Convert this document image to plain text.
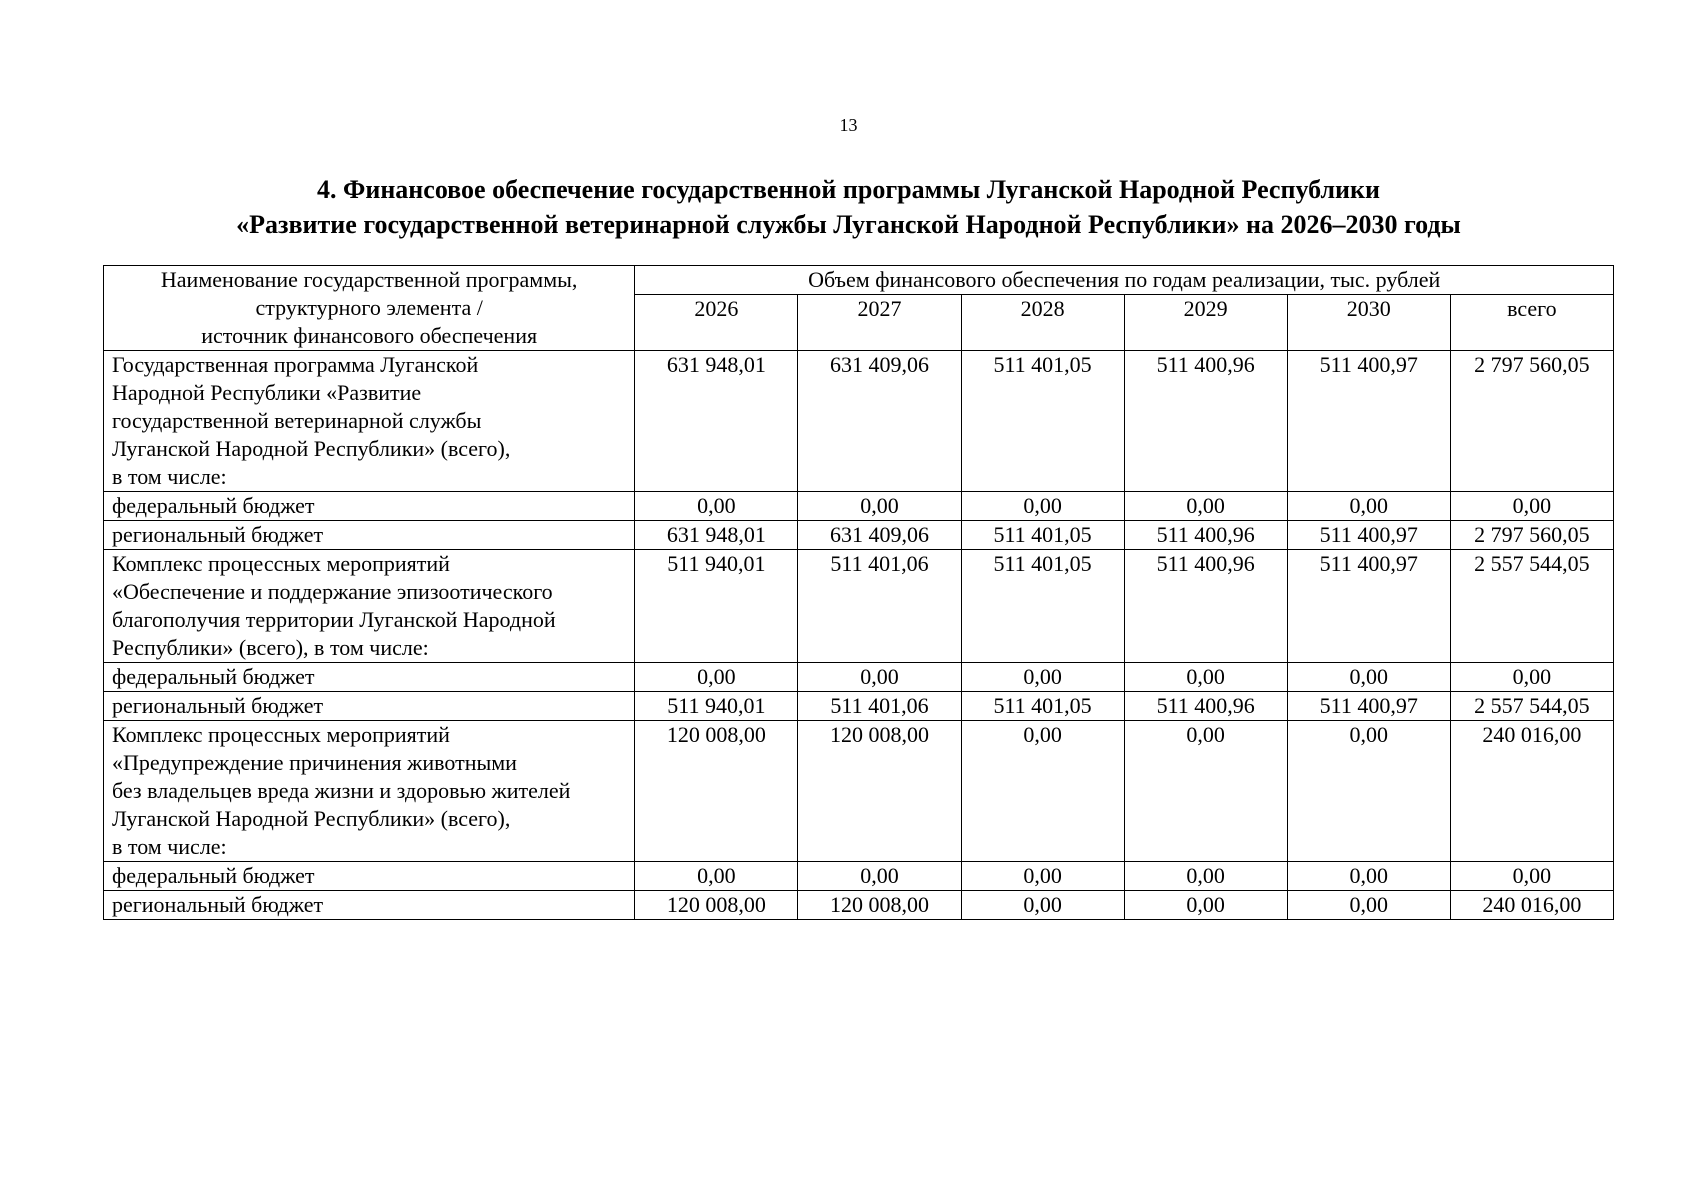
13
4. Финансовое обеспечение государственной программы Луганской Народной Республики
«Развитие государственной ветеринарной службы Луганской Народной Республики» на 2026–2030 годы
Наименование государственной программы,
структурного элемента /
источник финансового обеспечения	Объем финансового обеспечения по годам реализации, тыс. рублей					
	2026	2027	2028	2029	2030	всего

Государственная программа Луганской
Народной Республики «Развитие
государственной ветеринарной службы
Луганской Народной Республики» (всего),
в том числе:	631 948,01	631 409,06	511 401,05	511 400,96	511 400,97	2 797 560,05

федеральный бюджет	0,00	0,00	0,00	0,00	0,00	0,00

региональный бюджет	631 948,01	631 409,06	511 401,05	511 400,96	511 400,97	2 797 560,05

Комплекс процессных мероприятий
«Обеспечение и поддержание эпизоотического
благополучия территории Луганской Народной
Республики» (всего), в том числе:	511 940,01	511 401,06	511 401,05	511 400,96	511 400,97	2 557 544,05

федеральный бюджет	0,00	0,00	0,00	0,00	0,00	0,00

региональный бюджет	511 940,01	511 401,06	511 401,05	511 400,96	511 400,97	2 557 544,05

Комплекс процессных мероприятий
«Предупреждение причинения животными
без владельцев вреда жизни и здоровью жителей
Луганской Народной Республики» (всего),
в том числе:	120 008,00	120 008,00	0,00	0,00	0,00	240 016,00

федеральный бюджет	0,00	0,00	0,00	0,00	0,00	0,00

региональный бюджет	120 008,00	120 008,00	0,00	0,00	0,00	240 016,00
